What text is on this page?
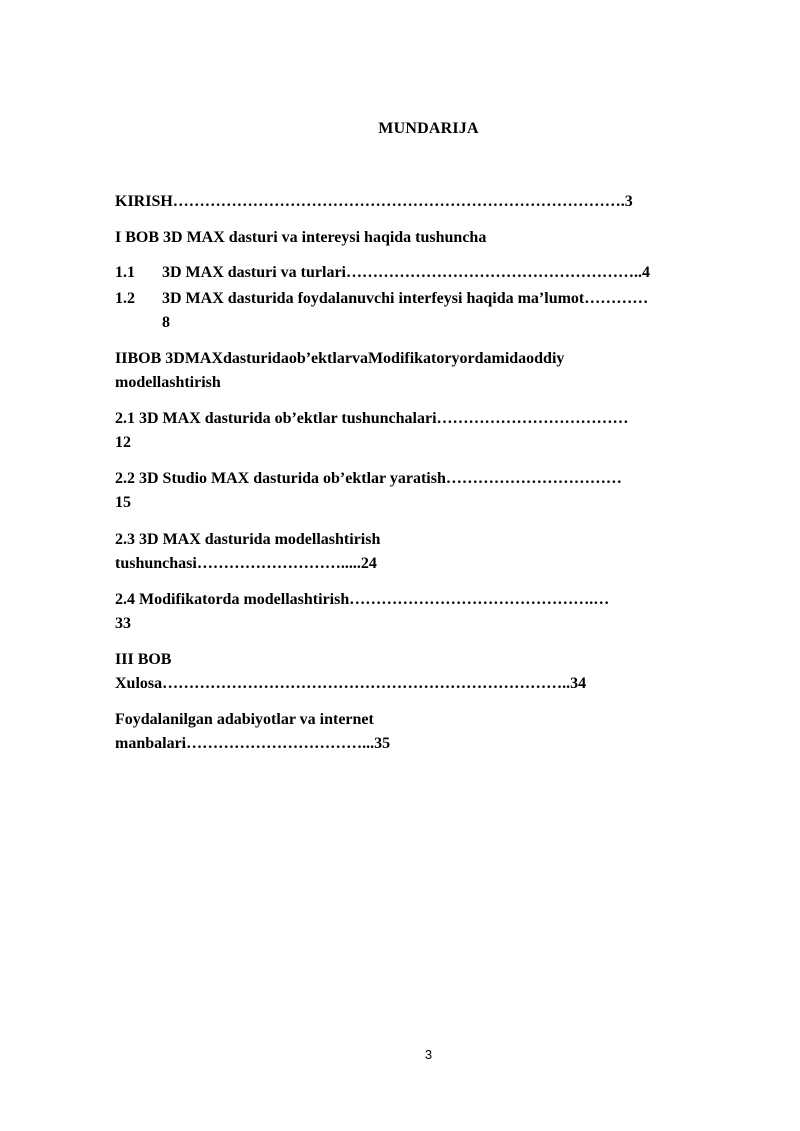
MUNDARIJA
KIRISH………………………………………………………………………….3
I BOB 3D MAX dasturi va intereysi haqida tushuncha
1.1 3D MAX dasturi va turlari………………………………………………..4
1.2 3D MAX dasturida foydalanuvchi interfeysi haqida ma’lumot…………
8
IIBOB 3DMAXdasturidaob’ektlarvaModifikatoryordamidaoddiy
modellashtirish
2.1 3D MAX dasturida ob’ektlar tushunchalari………………………………
12
2.2 3D Studio MAX dasturida ob’ektlar yaratish……………………………
15
2.3 3D MAX dasturida modellashtirish
tushunchasi……………………….....24
2.4 Modifikatorda modellashtirish……………………………………….…
33
III BOB
Xulosa…………………………………………………………………..34
Foydalanilgan adabiyotlar va internet
manbalari……………………………...35
3
